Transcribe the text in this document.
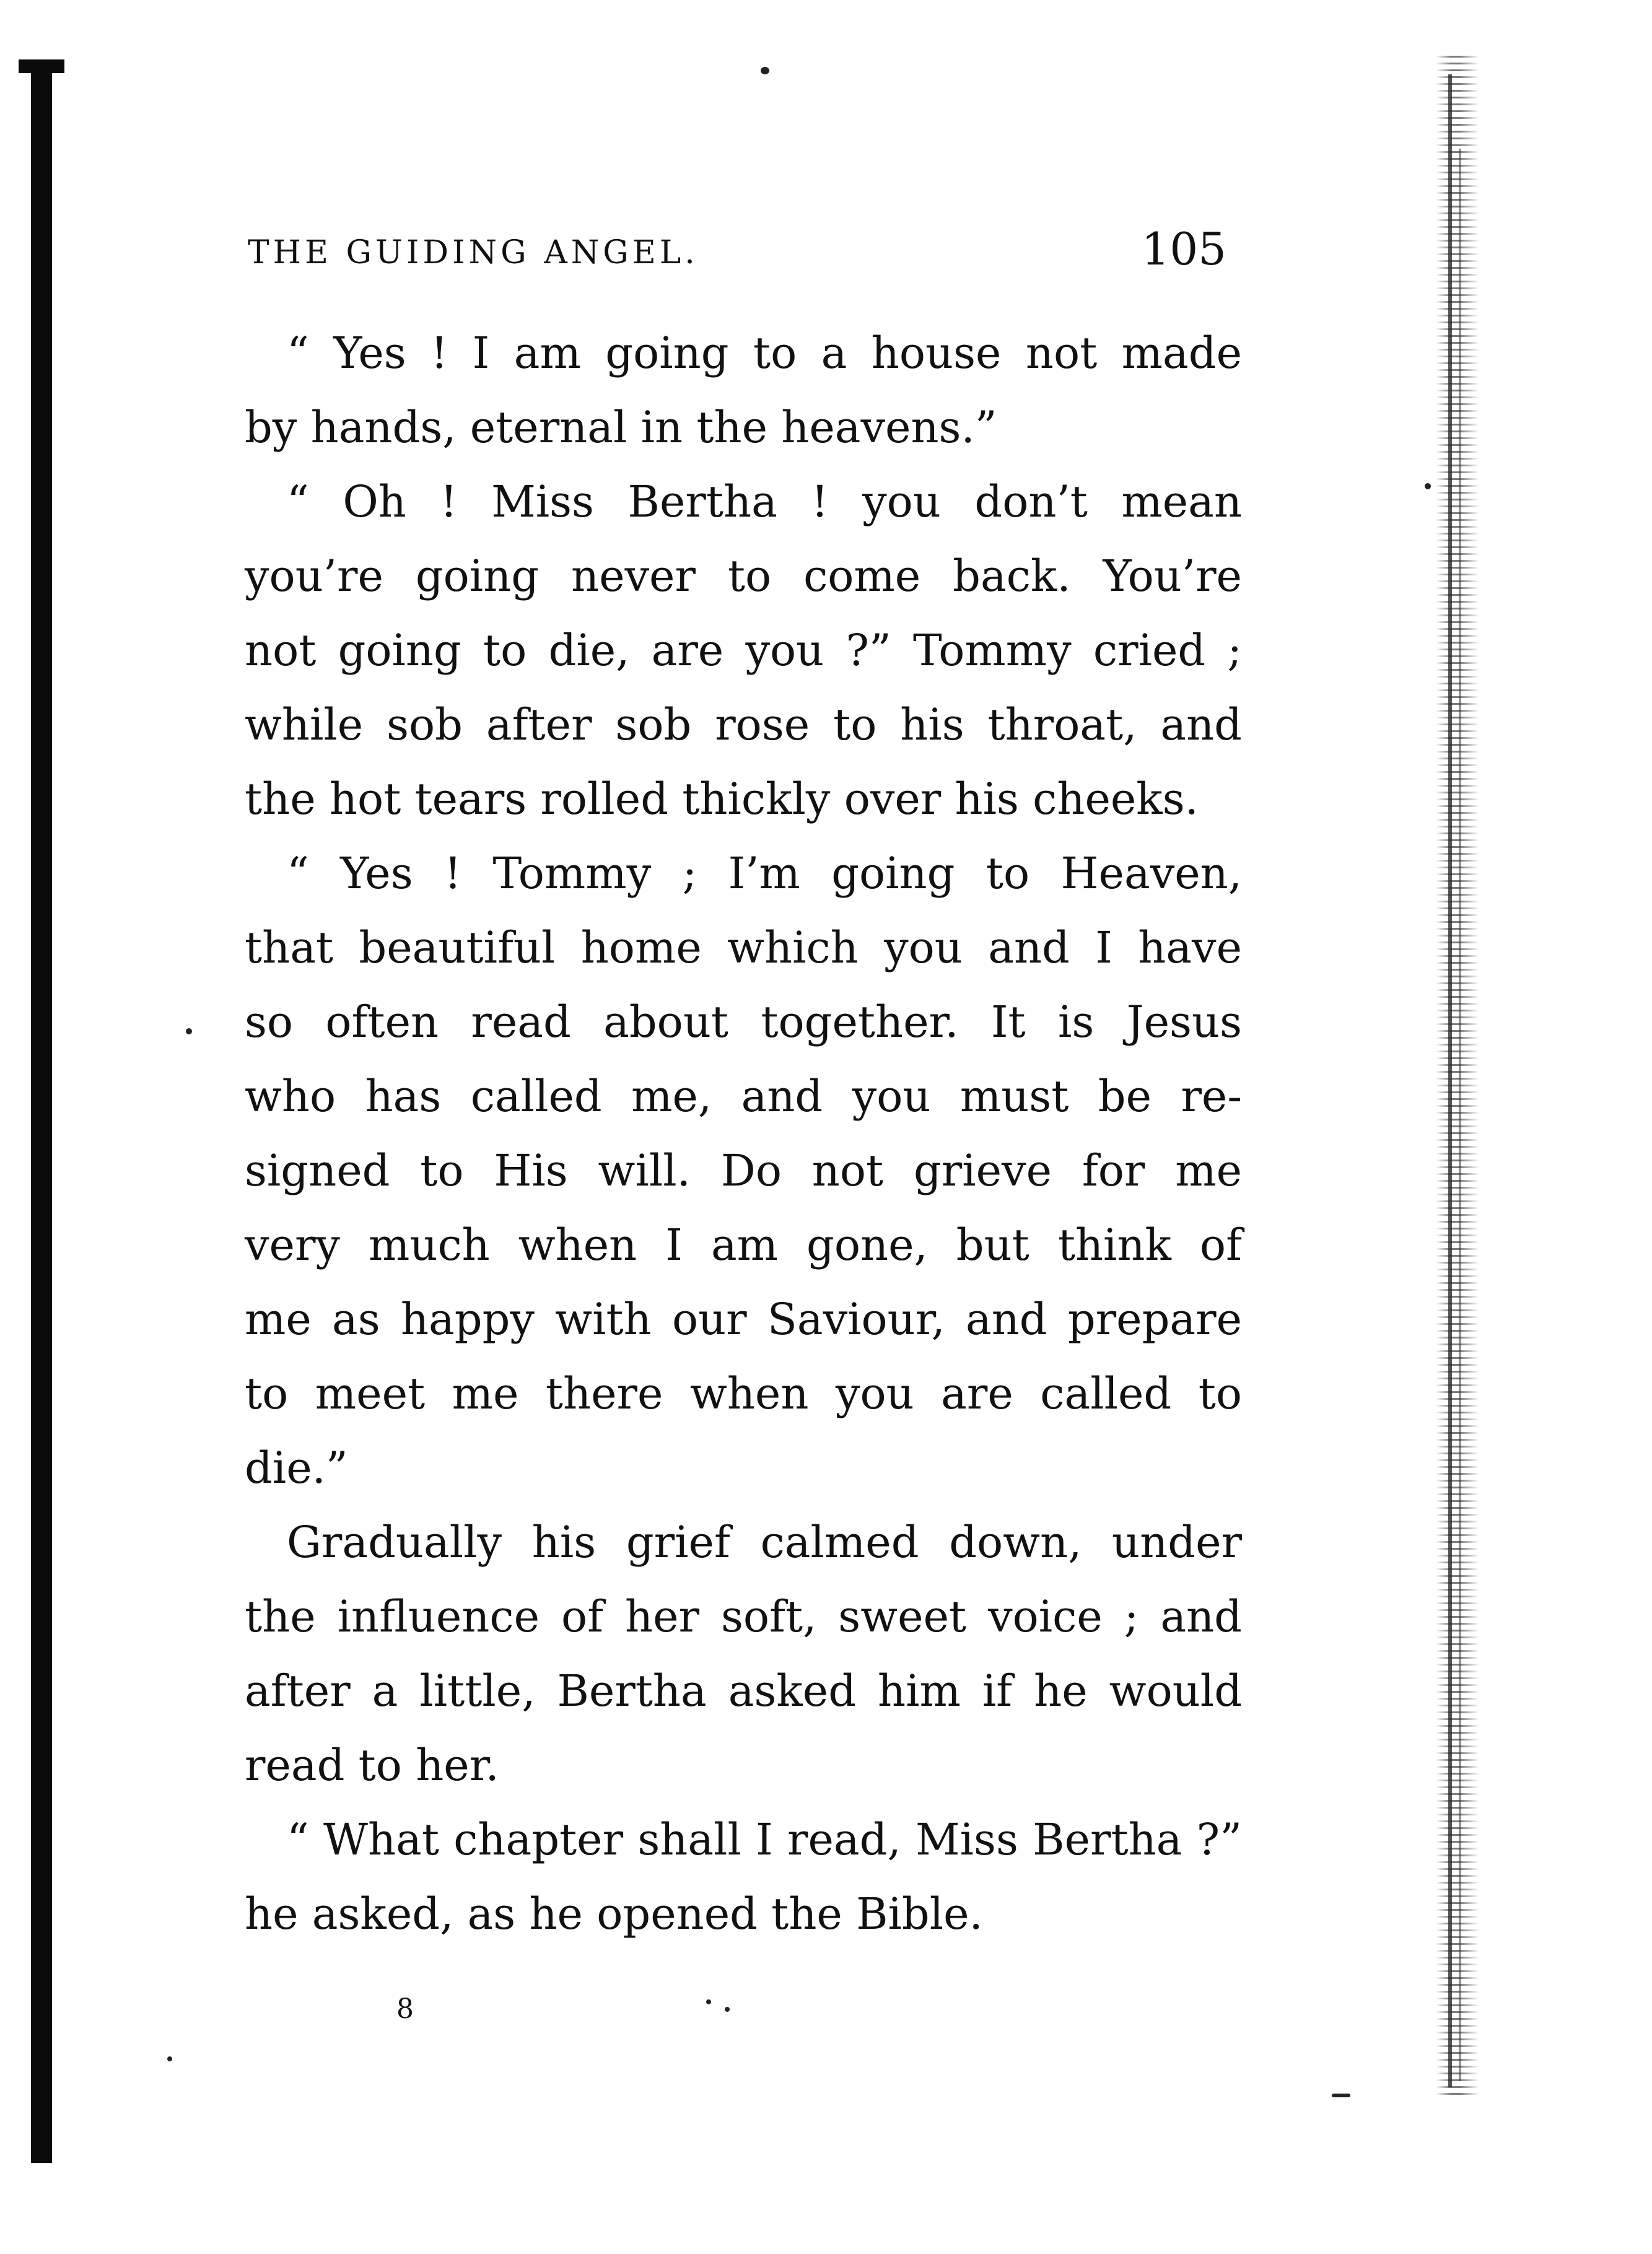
THE GUIDING ANGEL.	105
“ Yes ! I am going to a house not made
by hands, eternal in the heavens.”
“ Oh ! Miss Bertha ! you don’t mean
you’re going never to come back. You’re
not going to die, are you ?” Tommy cried ;
while sob after sob rose to his throat, and
the hot tears rolled thickly over his cheeks.
“ Yes ! Tommy ; I’m going to Heaven,
that beautiful home which you and I have
so often read about together. It is Jesus
who has called me, and you must be re-
signed to His will. Do not grieve for me
very much when I am gone, but think of
me as happy with our Saviour, and prepare
to meet me there when you are called to
die.”
Gradually his grief calmed down, under
the influence of her soft, sweet voice ; and
after a little, Bertha asked him if he would
read to her.
“ What chapter shall I read, Miss Bertha ?”
he asked, as he opened the Bible.
8
